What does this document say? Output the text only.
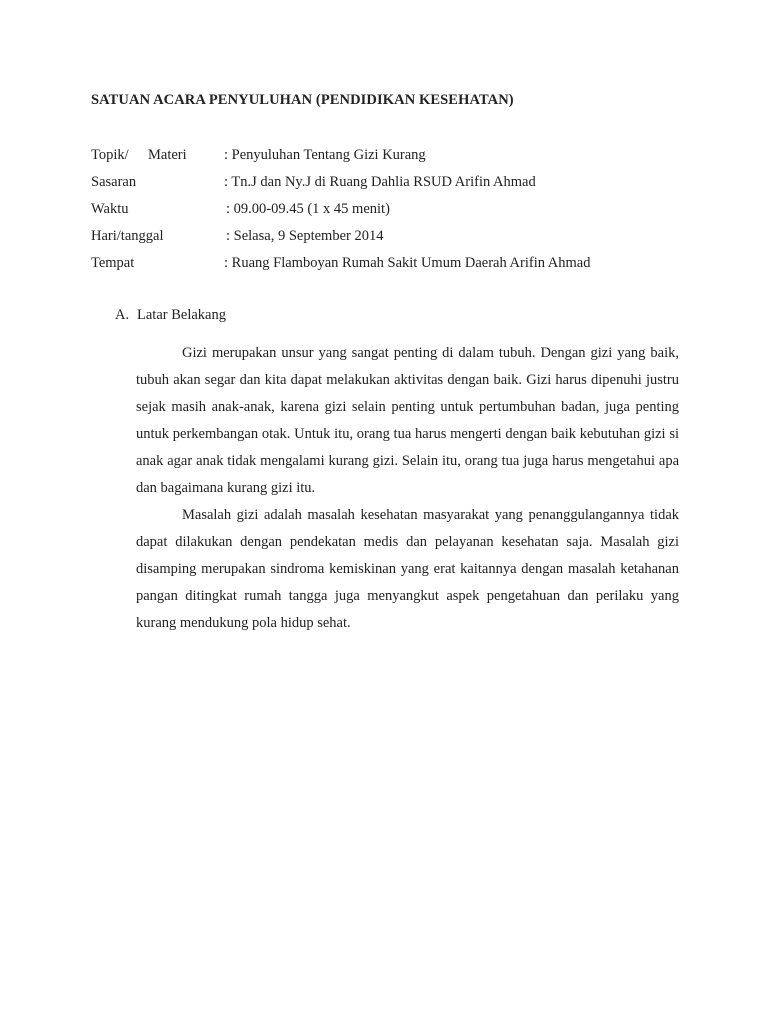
SATUAN ACARA PENYULUHAN (PENDIDIKAN KESEHATAN)
Topik/ Materi	: Penyuluhan Tentang Gizi Kurang
Sasaran	: Tn.J dan Ny.J di Ruang Dahlia RSUD Arifin Ahmad
Waktu	: 09.00-09.45 (1 x 45 menit)
Hari/tanggal	: Selasa, 9 September 2014
Tempat	: Ruang Flamboyan Rumah Sakit Umum Daerah Arifin Ahmad
A. Latar Belakang

Gizi merupakan unsur yang sangat penting di dalam tubuh. Dengan gizi yang baik, tubuh akan segar dan kita dapat melakukan aktivitas dengan baik. Gizi harus dipenuhi justru sejak masih anak-anak, karena gizi selain penting untuk pertumbuhan badan, juga penting untuk perkembangan otak. Untuk itu, orang tua harus mengerti dengan baik kebutuhan gizi si anak agar anak tidak mengalami kurang gizi. Selain itu, orang tua juga harus mengetahui apa dan bagaimana kurang gizi itu.

Masalah gizi adalah masalah kesehatan masyarakat yang penanggulangannya tidak dapat dilakukan dengan pendekatan medis dan pelayanan kesehatan saja. Masalah gizi disamping merupakan sindroma kemiskinan yang erat kaitannya dengan masalah ketahanan pangan ditingkat rumah tangga juga menyangkut aspek pengetahuan dan perilaku yang kurang mendukung pola hidup sehat.
